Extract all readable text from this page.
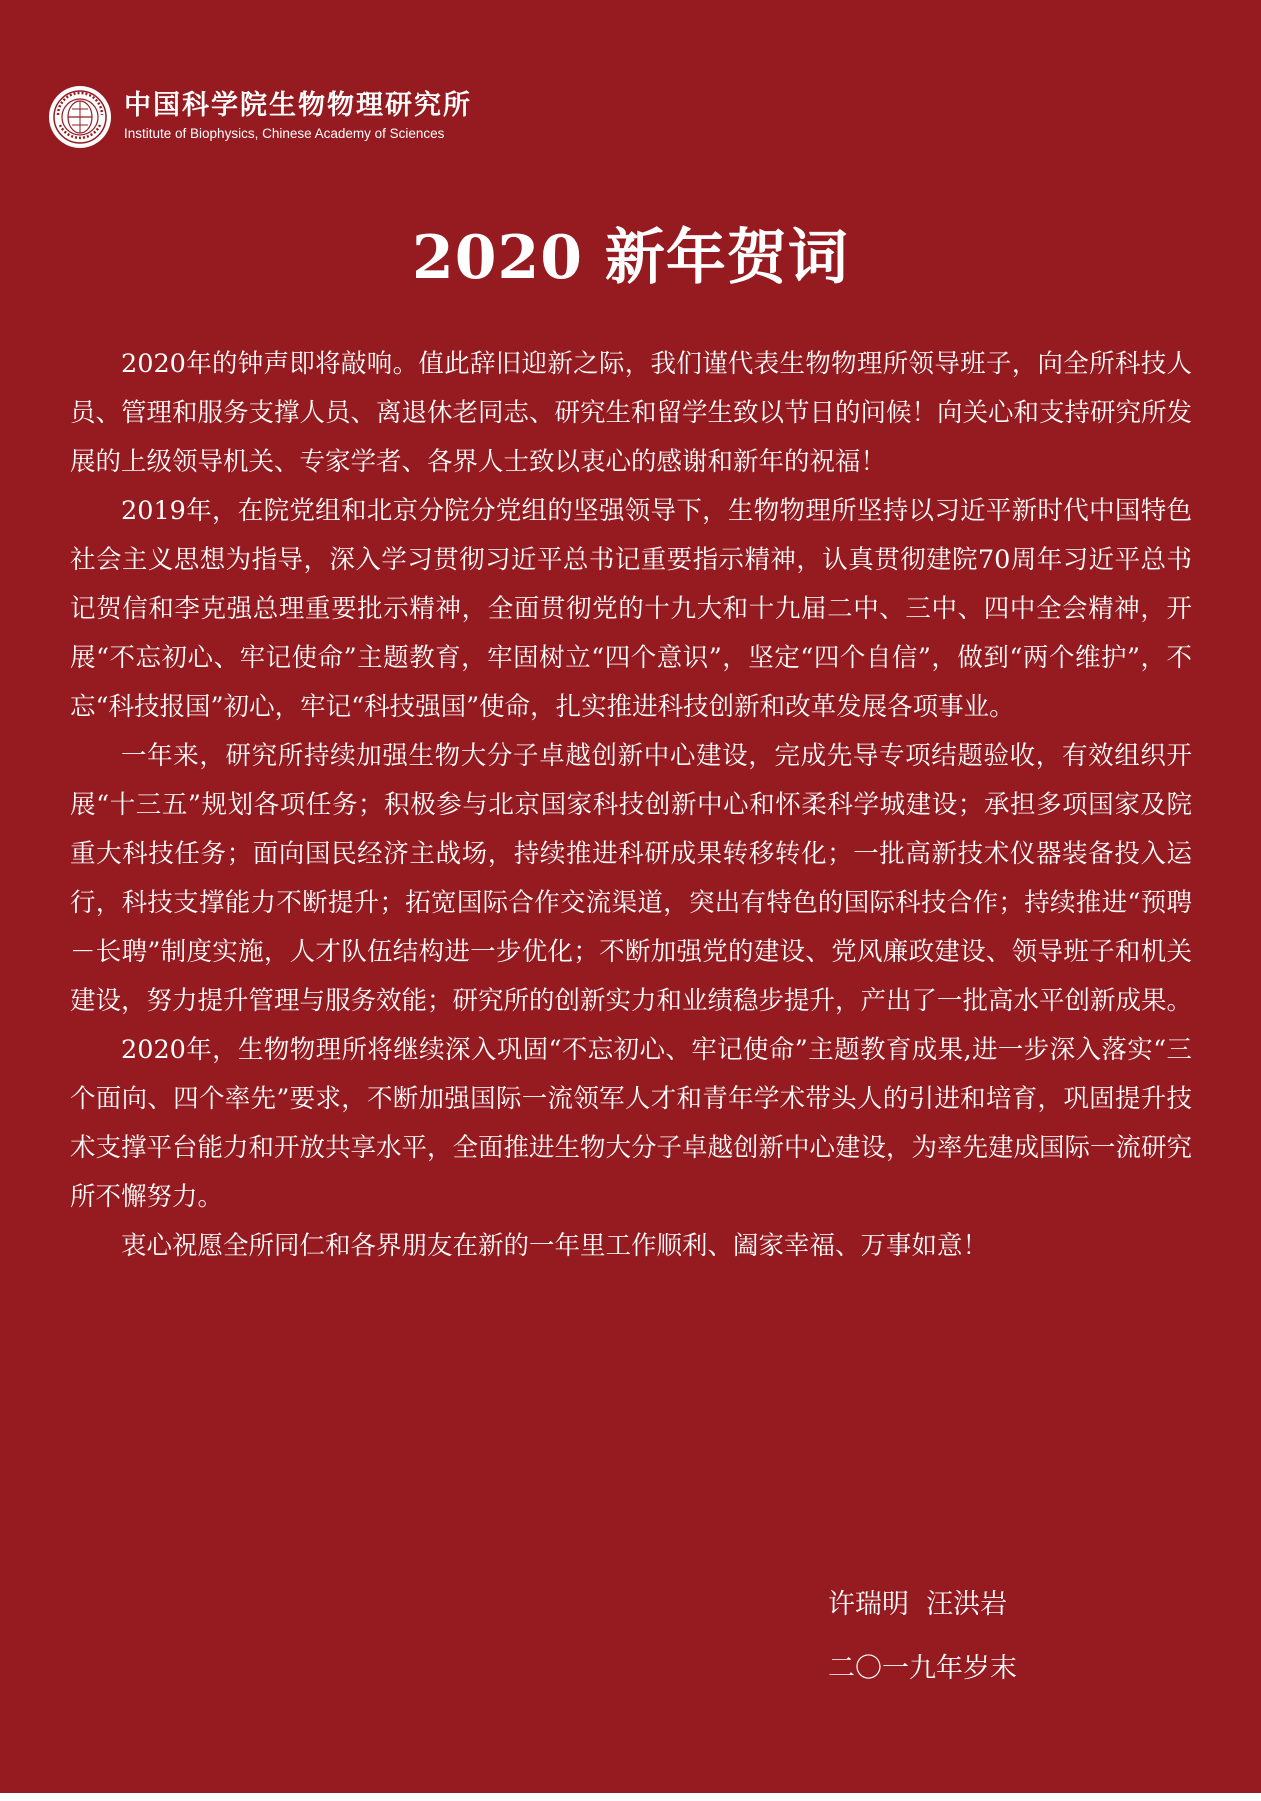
中国科学院生物物理研究所
Institute of Biophysics, Chinese Academy of Sciences
2020 新年贺词

2020年的钟声即将敲响。值此辞旧迎新之际，我们谨代表生物物理所领导班子，向全所科技人员、管理和服务支撑人员、离退休老同志、研究生和留学生致以节日的问候！向关心和支持研究所发展的上级领导机关、专家学者、各界人士致以衷心的感谢和新年的祝福！

2019年，在院党组和北京分院分党组的坚强领导下，生物物理所坚持以习近平新时代中国特色社会主义思想为指导，深入学习贯彻习近平总书记重要指示精神，认真贯彻建院70周年习近平总书记贺信和李克强总理重要批示精神，全面贯彻党的十九大和十九届二中、三中、四中全会精神，开展“不忘初心、牢记使命”主题教育，牢固树立“四个意识”，坚定“四个自信”，做到“两个维护”，不忘“科技报国”初心，牢记“科技强国”使命，扎实推进科技创新和改革发展各项事业。

一年来，研究所持续加强生物大分子卓越创新中心建设，完成先导专项结题验收，有效组织开展“十三五”规划各项任务；积极参与北京国家科技创新中心和怀柔科学城建设；承担多项国家及院重大科技任务；面向国民经济主战场，持续推进科研成果转移转化；一批高新技术仪器装备投入运行，科技支撑能力不断提升；拓宽国际合作交流渠道，突出有特色的国际科技合作；持续推进“预聘－长聘”制度实施，人才队伍结构进一步优化；不断加强党的建设、党风廉政建设、领导班子和机关建设，努力提升管理与服务效能；研究所的创新实力和业绩稳步提升，产出了一批高水平创新成果。

2020年，生物物理所将继续深入巩固“不忘初心、牢记使命”主题教育成果,进一步深入落实“三个面向、四个率先”要求，不断加强国际一流领军人才和青年学术带头人的引进和培育，巩固提升技术支撑平台能力和开放共享水平，全面推进生物大分子卓越创新中心建设，为率先建成国际一流研究所不懈努力。

衷心祝愿全所同仁和各界朋友在新的一年里工作顺利、阖家幸福、万事如意！

许瑞明  汪洪岩
二〇一九年岁末
